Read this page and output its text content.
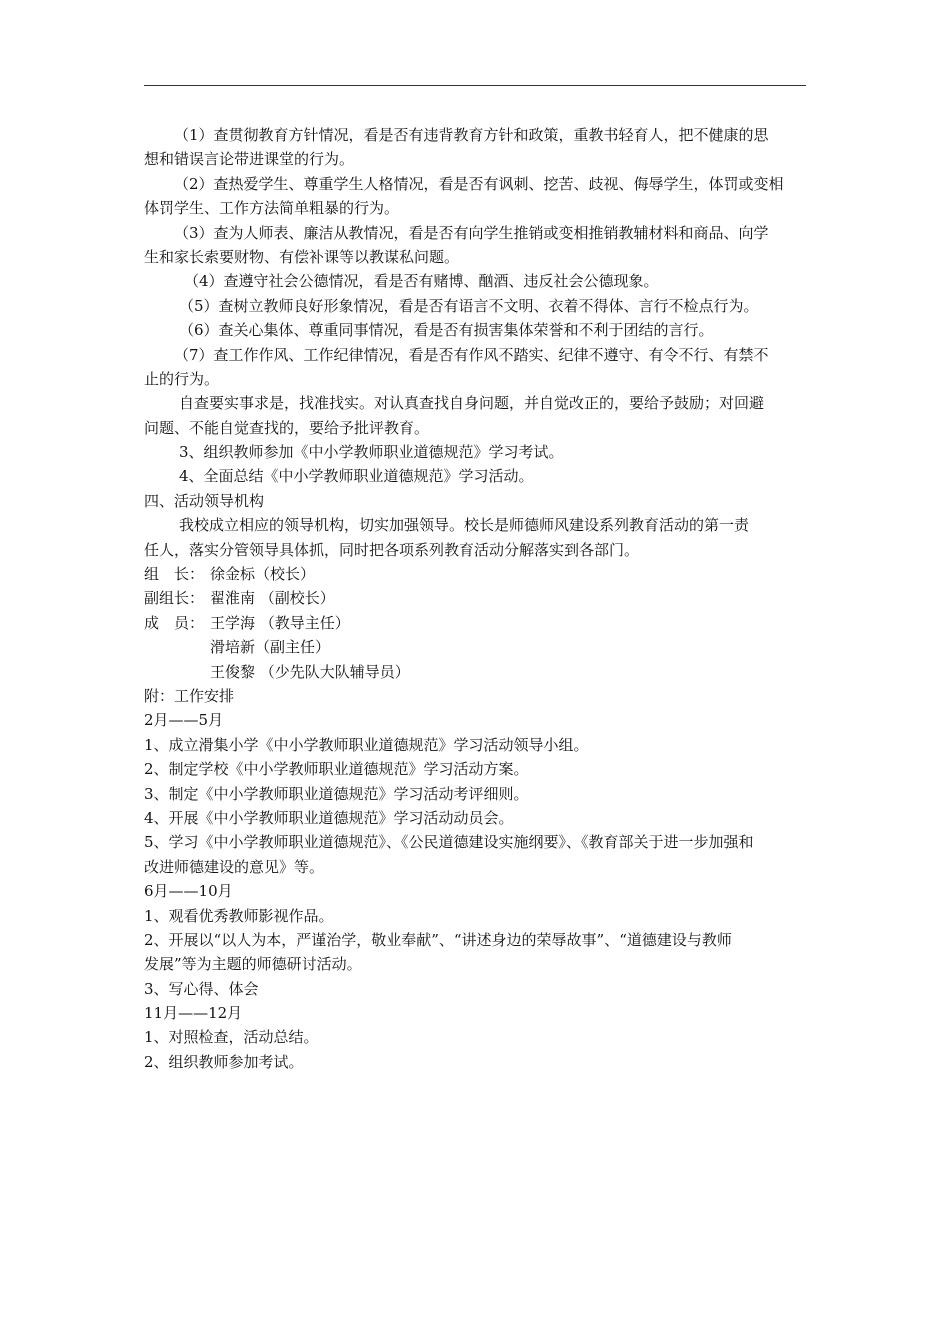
（1）查贯彻教育方针情况，看是否有违背教育方针和政策，重教书轻育人，把不健康的思
想和错误言论带进课堂的行为。
（2）查热爱学生、尊重学生人格情况，看是否有讽刺、挖苦、歧视、侮辱学生，体罚或变相
体罚学生、工作方法简单粗暴的行为。
（3）查为人师表、廉洁从教情况，看是否有向学生推销或变相推销教辅材料和商品、向学
生和家长索要财物、有偿补课等以教谋私问题。
（4）查遵守社会公德情况，看是否有赌博、酗酒、违反社会公德现象。
（5）查树立教师良好形象情况，看是否有语言不文明、衣着不得体、言行不检点行为。
（6）查关心集体、尊重同事情况，看是否有损害集体荣誉和不利于团结的言行。
（7）查工作作风、工作纪律情况，看是否有作风不踏实、纪律不遵守、有令不行、有禁不
止的行为。
自查要实事求是，找准找实。对认真查找自身问题，并自觉改正的，要给予鼓励；对回避
问题、不能自觉查找的，要给予批评教育。
3、组织教师参加《中小学教师职业道德规范》学习考试。
4、全面总结《中小学教师职业道德规范》学习活动。
四、活动领导机构
我校成立相应的领导机构，切实加强领导。校长是师德师风建设系列教育活动的第一责
任人，落实分管领导具体抓，同时把各项系列教育活动分解落实到各部门。
组　长： 徐金标（校长）
副组长： 翟淮南 （副校长）
成　员： 王学海 （教导主任）
滑培新（副主任）
王俊黎 （少先队大队辅导员）
附：工作安排
2月——5月
1、成立滑集小学《中小学教师职业道德规范》学习活动领导小组。
2、制定学校《中小学教师职业道德规范》学习活动方案。
3、制定《中小学教师职业道德规范》学习活动考评细则。
4、开展《中小学教师职业道德规范》学习活动动员会。
5、学习《中小学教师职业道德规范》、《公民道德建设实施纲要》、《教育部关于进一步加强和
改进师德建设的意见》等。
6月——10月
1、观看优秀教师影视作品。
2、开展以“以人为本，严谨治学，敬业奉献”、“讲述身边的荣辱故事”、“道德建设与教师
发展”等为主题的师德研讨活动。
3、写心得、体会
11月——12月
1、对照检查，活动总结。
2、组织教师参加考试。
